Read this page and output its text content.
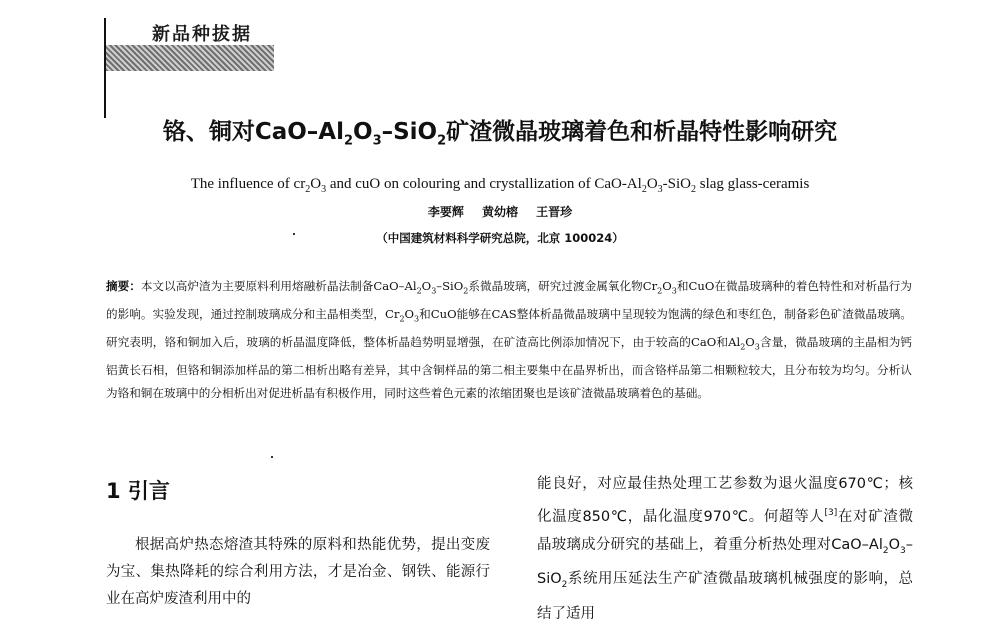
新品种拔据
铬、铜对CaO–$Al_2O_3-SiO_2$矿渣微晶玻璃着色和析晶特性影响研究
The influence of $cr_2O_3$ and cuO on colouring and crystallization of CaO-$Al_2O_3-SiO_2$ slag glass-ceramis
李要辉 黄幼榕 王晋珍
（中国建筑材料科学研究总院，北京 100024）
摘要：本文以高炉渣为主要原料利用熔融析晶法制备CaO–$Al_2O_3-SiO_2$系微晶玻璃，研究过渡金属氧化物$Cr_2O_3$和CuO在微晶玻璃种的着色特性和对析晶行为的影响。实验发现，通过控制玻璃成分和主晶相类型，$Cr_2O_3$和CuO能够在CAS整体析晶微晶玻璃中呈现较为饱满的绿色和枣红色，制备彩色矿渣微晶玻璃。研究表明，铬和铜加入后，玻璃的析晶温度降低，整体析晶趋势明显增强，在矿渣高比例添加情况下，由于较高的CaO和$Al_2O_3$含量，微晶玻璃的主晶相为钙铝黄长石相，但铬和铜添加样品的第二相析出略有差异，其中含铜样品的第二相主要集中在晶界析出，而含铬样品第二相颗粒较大，且分布较为均匀。分析认为铬和铜在玻璃中的分相析出对促进析晶有积极作用，同时这些着色元素的浓缩团聚也是该矿渣微晶玻璃着色的基础。
1 引言

根据高炉热态熔渣其特殊的原料和热能优势，提出变废为宝、集热降耗的综合利用方法，才是冶金、钢铁、能源行业在高炉废渣利用中的

能良好，对应最佳热处理工艺参数为退火温度670℃；核化温度850℃，晶化温度970℃。何超等人[3]在对矿渣微晶玻璃成分研究的基础上，着重分析热处理对CaO–$Al_2O_3-SiO_2$系统用压延法生产矿渣微晶玻璃机械强度的影响，总结了适用
